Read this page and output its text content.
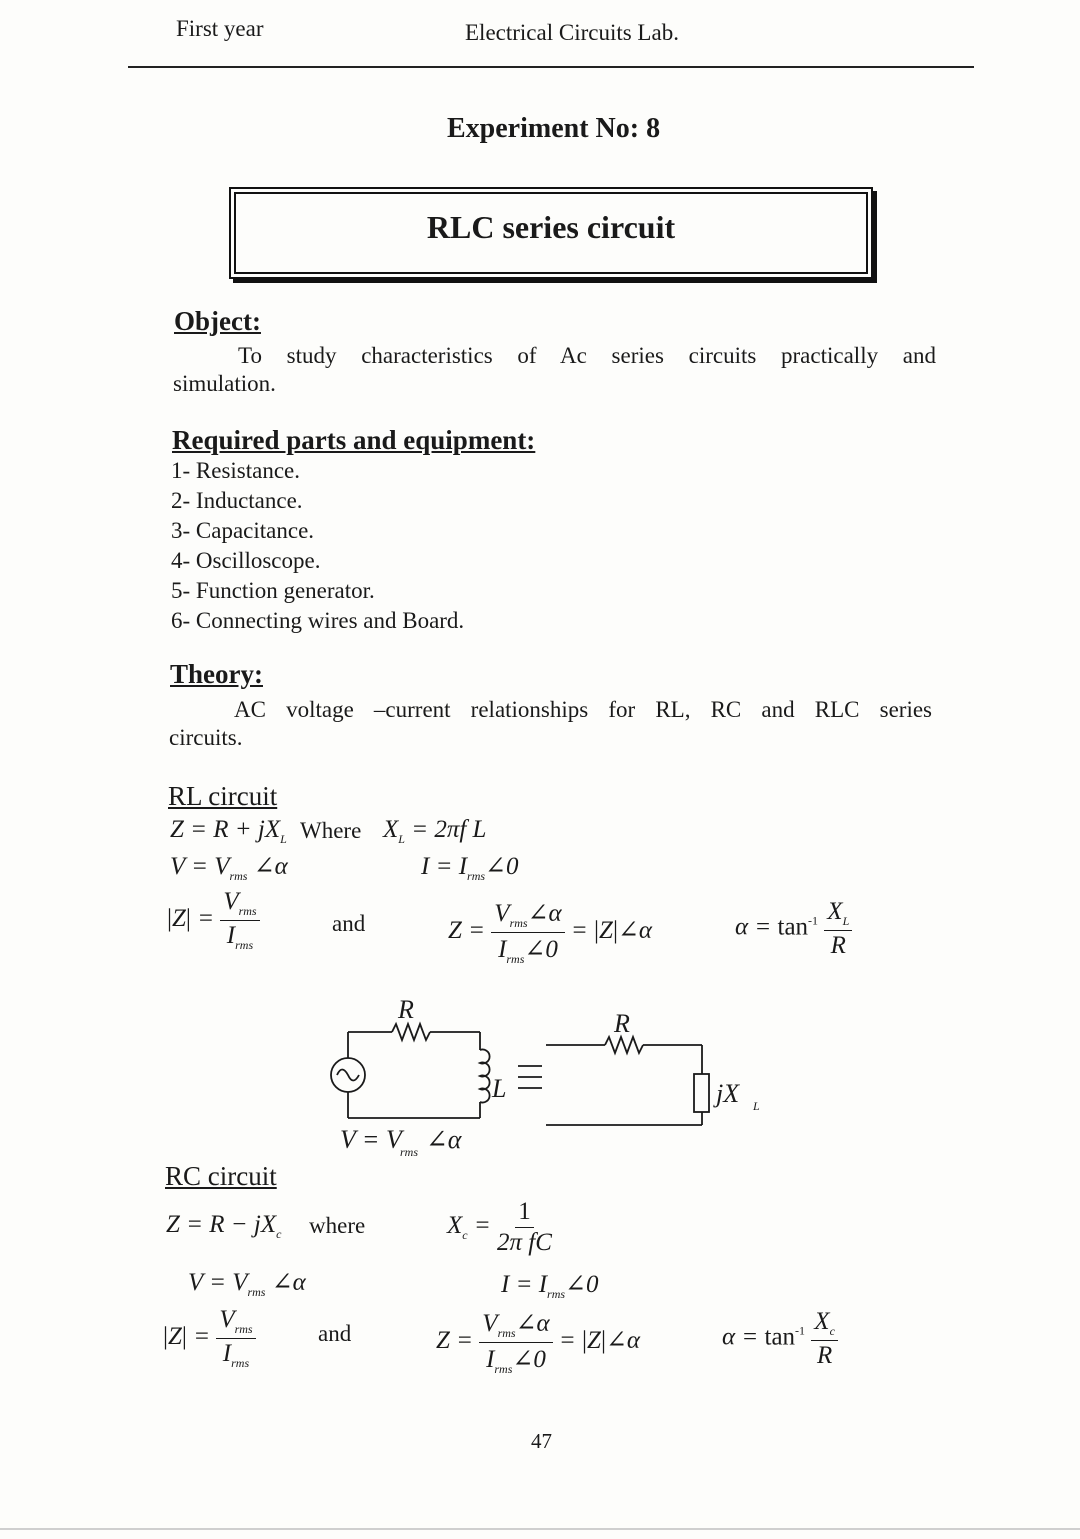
First year	Electrical Circuits Lab.
Experiment No: 8
RLC series circuit
Object:
To study characteristics of Ac series circuits practically and
simulation.
Required parts and equipment:
1- Resistance.
2- Inductance.
3- Capacitance.
4- Oscilloscope.
5- Function generator.
6- Connecting wires and Board.
Theory:
AC voltage –current relationships for RL, RC and RLC series
circuits.
RL circuit
$Z = R + jX_L$ Where $X_L = 2\pi f$ L
$V = V_{rms}$ ∠α	$I = I_{rms}\angle 0$
$|Z| = \frac{V_{rms}}{I_{rms}}$	and	$Z = \frac{V_{rms}\angle\alpha}{I_{rms}\angle 0}$ = |Z|∠α	$\alpha = \tan^{-1} \frac{X_L}{R}$
R
L
R
jX L
V = V
rms ∠α
RC circuit
$Z = R - jX_c$ where	$X_c = \frac{1}{\text{2π fC}}$
$V = V_{rms}$ ∠α	$I = I_{rms}\angle 0$
$|Z| = \frac{V_{rms}}{I_{rms}}$	and	$Z = \frac{V_{rms}\angle\alpha}{I_{rms}\angle 0}$ = |Z|∠α	$\alpha = \tan^{-1} \frac{X_c}{R}$
47
